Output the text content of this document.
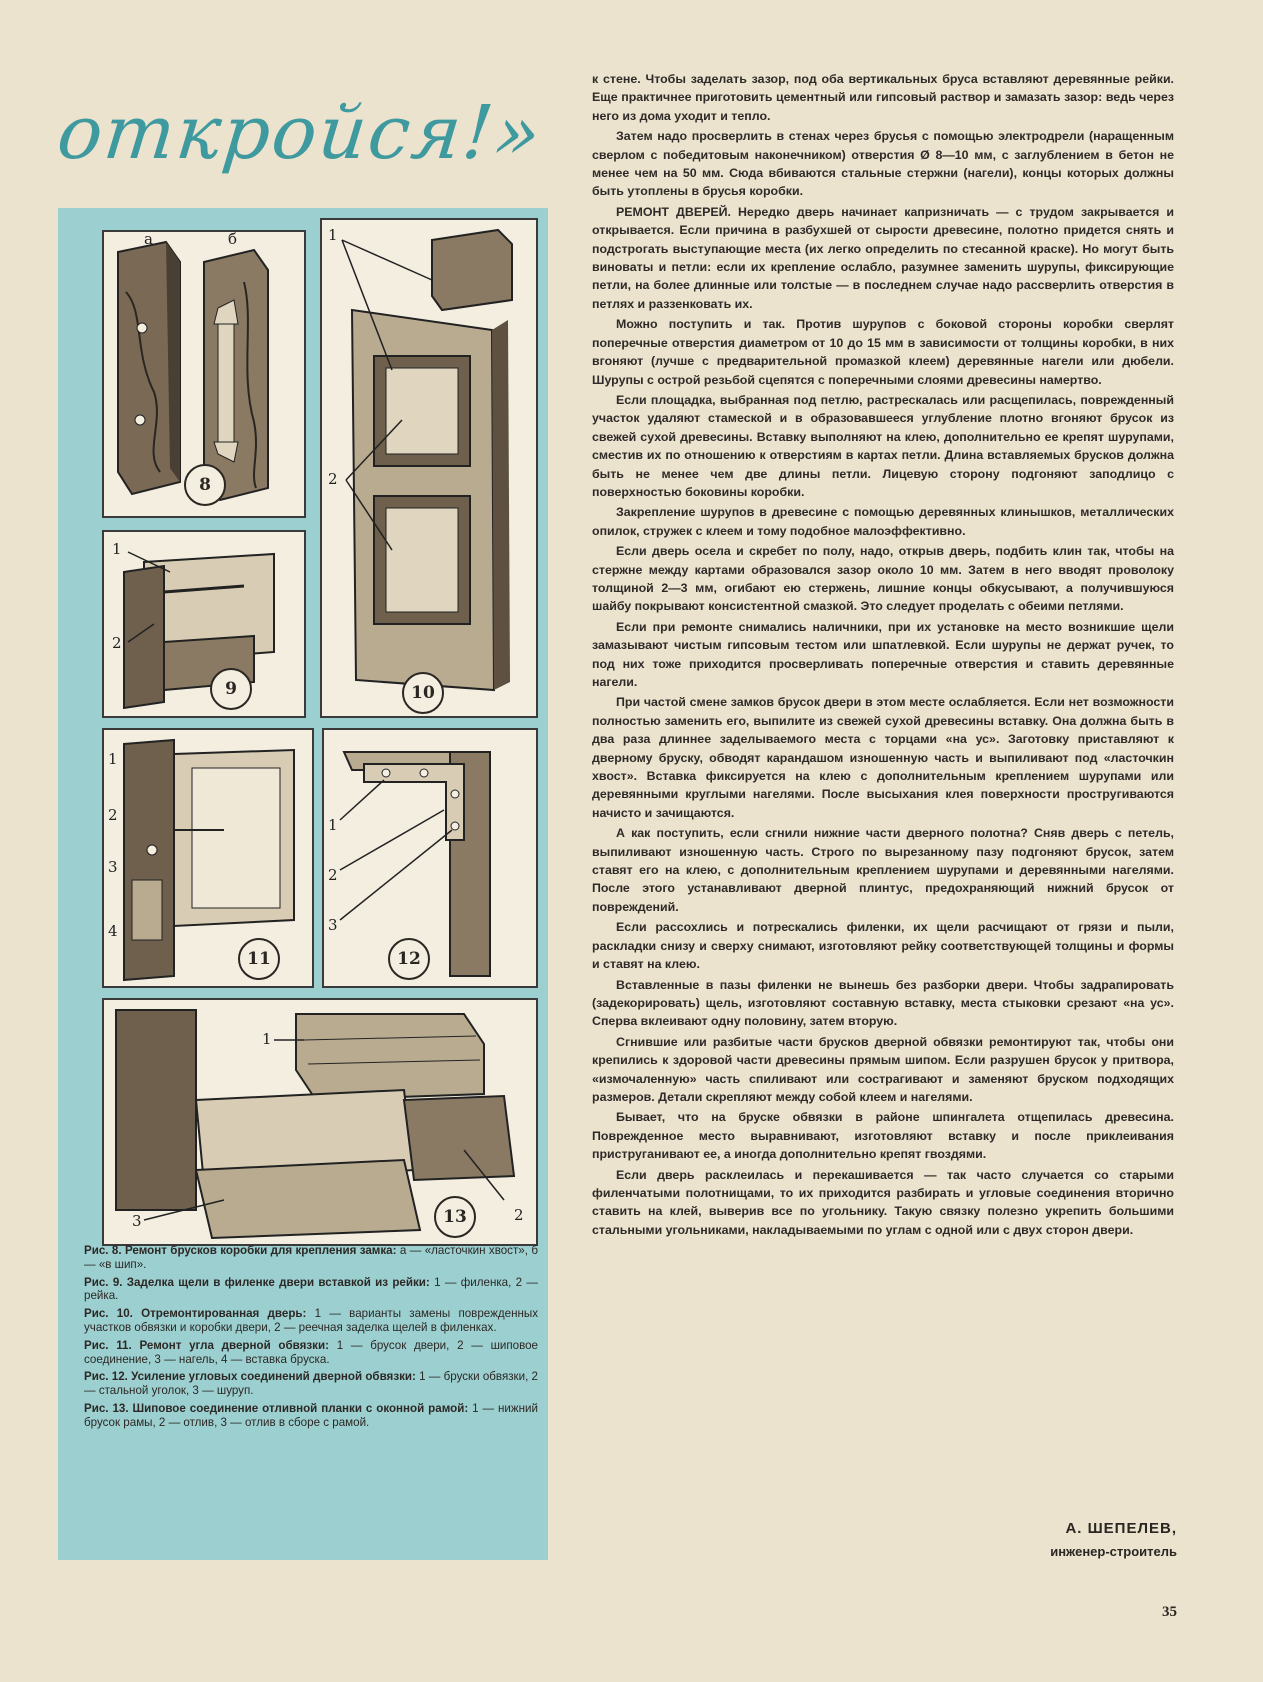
откройся!»
а	б
8
1
2
9
1
2
10
1
2
3
4
11
1
2
3
12
1
2
3	13

Рис. 8. Ремонт брусков коробки для крепления замка: а — «ласточкин хвост», б — «в шип».

Рис. 9. Заделка щели в филенке двери вставкой из рейки: 1 — филенка, 2 — рейка.

Рис. 10. Отремонтированная дверь: 1 — варианты замены поврежденных участков обвязки и коробки двери, 2 — реечная заделка щелей в филенках.

Рис. 11. Ремонт угла дверной обвязки: 1 — брусок двери, 2 — шиповое соединение, 3 — нагель, 4 — вставка бруска.

Рис. 12. Усиление угловых соединений дверной обвязки: 1 — бруски обвязки, 2 — стальной уголок, 3 — шуруп.

Рис. 13. Шиповое соединение отливной планки с оконной рамой: 1 — нижний брусок рамы, 2 — отлив, 3 — отлив в сборе с рамой.

к стене. Чтобы заделать зазор, под оба вертикальных бруса вставляют деревянные рейки. Еще практичнее приготовить цементный или гипсовый раствор и замазать зазор: ведь через него из дома уходит и тепло.

Затем надо просверлить в стенах через брусья с помощью электродрели (наращенным сверлом с победитовым наконечником) отверстия Ø 8—10 мм, с заглублением в бетон не менее чем на 50 мм. Сюда вбиваются стальные стержни (нагели), концы которых должны быть утоплены в брусья коробки.

РЕМОНТ ДВЕРЕЙ. Нередко дверь начинает капризничать — с трудом закрывается и открывается. Если причина в разбухшей от сырости древесине, полотно придется снять и подстрогать выступающие места (их легко определить по стесанной краске). Но могут быть виноваты и петли: если их крепление ослабло, разумнее заменить шурупы, фиксирующие петли, на более длинные или толстые — в последнем случае надо рассверлить отверстия в петлях и раззенковать их.

Можно поступить и так. Против шурупов с боковой стороны коробки сверлят поперечные отверстия диаметром от 10 до 15 мм в зависимости от толщины коробки, в них вгоняют (лучше с предварительной промазкой клеем) деревянные нагели или дюбели. Шурупы с острой резьбой сцепятся с поперечными слоями древесины намертво.

Если площадка, выбранная под петлю, растрескалась или расщепилась, поврежденный участок удаляют стамеской и в образовавшееся углубление плотно вгоняют брусок из свежей сухой древесины. Вставку выполняют на клею, дополнительно ее крепят шурупами, сместив их по отношению к отверстиям в картах петли. Длина вставляемых брусков должна быть не менее чем две длины петли. Лицевую сторону подгоняют заподлицо с поверхностью боковины коробки.

Закрепление шурупов в древесине с помощью деревянных клинышков, металлических опилок, стружек с клеем и тому подобное малоэффективно.

Если дверь осела и скребет по полу, надо, открыв дверь, подбить клин так, чтобы на стержне между картами образовался зазор около 10 мм. Затем в него вводят проволоку толщиной 2—3 мм, огибают ею стержень, лишние концы обкусывают, а получившуюся шайбу покрывают консистентной смазкой. Это следует проделать с обеими петлями.

Если при ремонте снимались наличники, при их установке на место возникшие щели замазывают чистым гипсовым тестом или шпатлевкой. Если шурупы не держат ручек, то под них тоже приходится просверливать поперечные отверстия и ставить деревянные нагели.

При частой смене замков брусок двери в этом месте ослабляется. Если нет возможности полностью заменить его, выпилите из свежей сухой древесины вставку. Она должна быть в два раза длиннее заделываемого места с торцами «на ус». Заготовку приставляют к дверному бруску, обводят карандашом изношенную часть и выпиливают под «ласточкин хвост». Вставка фиксируется на клею с дополнительным креплением шурупами или деревянными круглыми нагелями. После высыхания клея поверхности простругиваются начисто и зачищаются.

А как поступить, если сгнили нижние части дверного полотна? Сняв дверь с петель, выпиливают изношенную часть. Строго по вырезанному пазу подгоняют брусок, затем ставят его на клею, с дополнительным креплением шурупами и деревянными нагелями. После этого устанавливают дверной плинтус, предохраняющий нижний брусок от повреждений.

Если рассохлись и потрескались филенки, их щели расчищают от грязи и пыли, раскладки снизу и сверху снимают, изготовляют рейку соответствующей толщины и формы и ставят на клею.

Вставленные в пазы филенки не вынешь без разборки двери. Чтобы задрапировать (задекорировать) щель, изготовляют составную вставку, места стыковки срезают «на ус». Сперва вклеивают одну половину, затем вторую.

Сгнившие или разбитые части брусков дверной обвязки ремонтируют так, чтобы они крепились к здоровой части древесины прямым шипом. Если разрушен брусок у притвора, «измочаленную» часть спиливают или сострагивают и заменяют бруском подходящих размеров. Детали скрепляют между собой клеем и нагелями.

Бывает, что на бруске обвязки в районе шпингалета отщепилась древесина. Поврежденное место выравнивают, изготовляют вставку и после приклеивания приструганивают ее, а иногда дополнительно крепят гвоздями.

Если дверь расклеилась и перекашивается — так часто случается со старыми филенчатыми полотнищами, то их приходится разбирать и угловые соединения вторично ставить на клей, выверив все по угольнику. Такую связку полезно укрепить большими стальными угольниками, накладываемыми по углам с одной или с двух сторон двери.

А. ШЕПЕЛЕВ,
инженер-строитель
35
